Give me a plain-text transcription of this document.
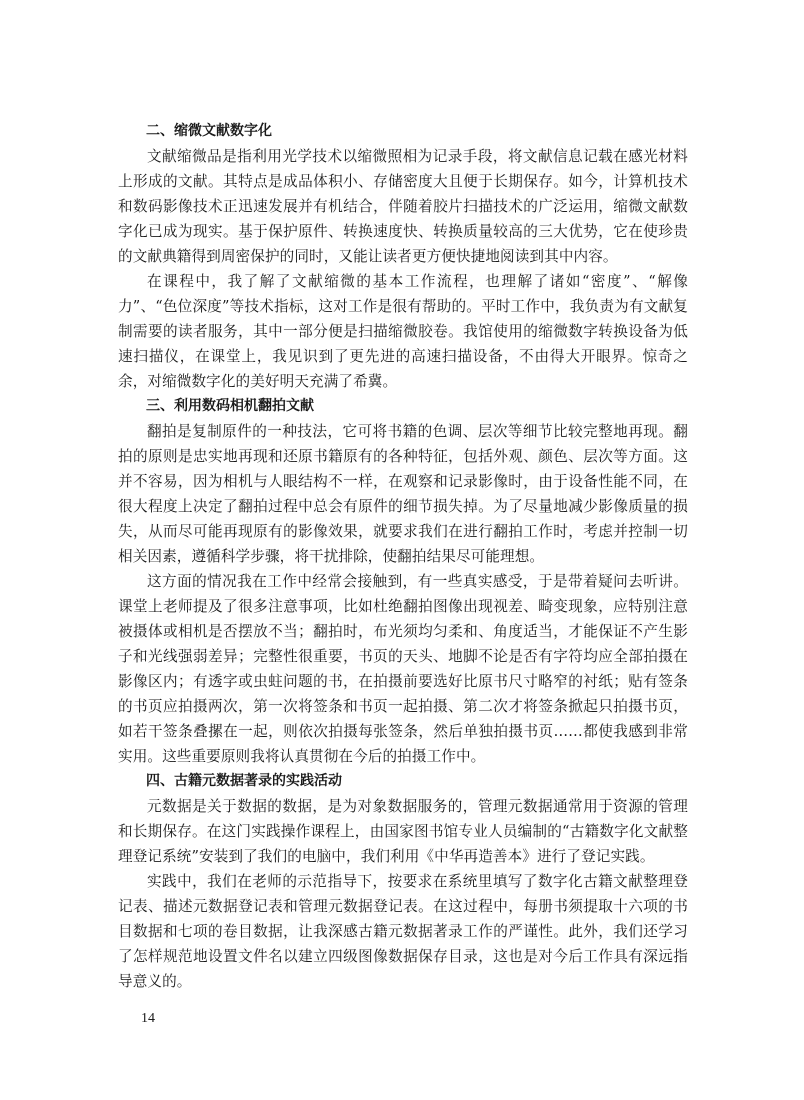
二、缩微文献数字化

文献缩微品是指利用光学技术以缩微照相为记录手段，将文献信息记载在感光材料上形成的文献。其特点是成品体积小、存储密度大且便于长期保存。如今，计算机技术和数码影像技术正迅速发展并有机结合，伴随着胶片扫描技术的广泛运用，缩微文献数字化已成为现实。基于保护原件、转换速度快、转换质量较高的三大优势，它在使珍贵的文献典籍得到周密保护的同时，又能让读者更方便快捷地阅读到其中内容。

在课程中，我了解了文献缩微的基本工作流程，也理解了诸如“密度”、“解像力”、“色位深度”等技术指标，这对工作是很有帮助的。平时工作中，我负责为有文献复制需要的读者服务，其中一部分便是扫描缩微胶卷。我馆使用的缩微数字转换设备为低速扫描仪，在课堂上，我见识到了更先进的高速扫描设备，不由得大开眼界。惊奇之余，对缩微数字化的美好明天充满了希冀。

三、利用数码相机翻拍文献

翻拍是复制原件的一种技法，它可将书籍的色调、层次等细节比较完整地再现。翻拍的原则是忠实地再现和还原书籍原有的各种特征，包括外观、颜色、层次等方面。这并不容易，因为相机与人眼结构不一样，在观察和记录影像时，由于设备性能不同，在很大程度上决定了翻拍过程中总会有原件的细节损失掉。为了尽量地减少影像质量的损失，从而尽可能再现原有的影像效果，就要求我们在进行翻拍工作时，考虑并控制一切相关因素，遵循科学步骤，将干扰排除，使翻拍结果尽可能理想。

这方面的情况我在工作中经常会接触到，有一些真实感受，于是带着疑问去听讲。课堂上老师提及了很多注意事项，比如杜绝翻拍图像出现视差、畸变现象，应特别注意被摄体或相机是否摆放不当；翻拍时，布光须均匀柔和、角度适当，才能保证不产生影子和光线强弱差异；完整性很重要，书页的天头、地脚不论是否有字符均应全部拍摄在影像区内；有透字或虫蛀问题的书，在拍摄前要选好比原书尺寸略窄的衬纸；贴有签条的书页应拍摄两次，第一次将签条和书页一起拍摄、第二次才将签条掀起只拍摄书页，如若干签条叠摞在一起，则依次拍摄每张签条，然后单独拍摄书页……都使我感到非常实用。这些重要原则我将认真贯彻在今后的拍摄工作中。

四、古籍元数据著录的实践活动

元数据是关于数据的数据，是为对象数据服务的，管理元数据通常用于资源的管理和长期保存。在这门实践操作课程上，由国家图书馆专业人员编制的“古籍数字化文献整理登记系统”安装到了我们的电脑中，我们利用《中华再造善本》进行了登记实践。

实践中，我们在老师的示范指导下，按要求在系统里填写了数字化古籍文献整理登记表、描述元数据登记表和管理元数据登记表。在这过程中，每册书须提取十六项的书目数据和七项的卷目数据，让我深感古籍元数据著录工作的严谨性。此外，我们还学习了怎样规范地设置文件名以建立四级图像数据保存目录，这也是对今后工作具有深远指导意义的。

14
